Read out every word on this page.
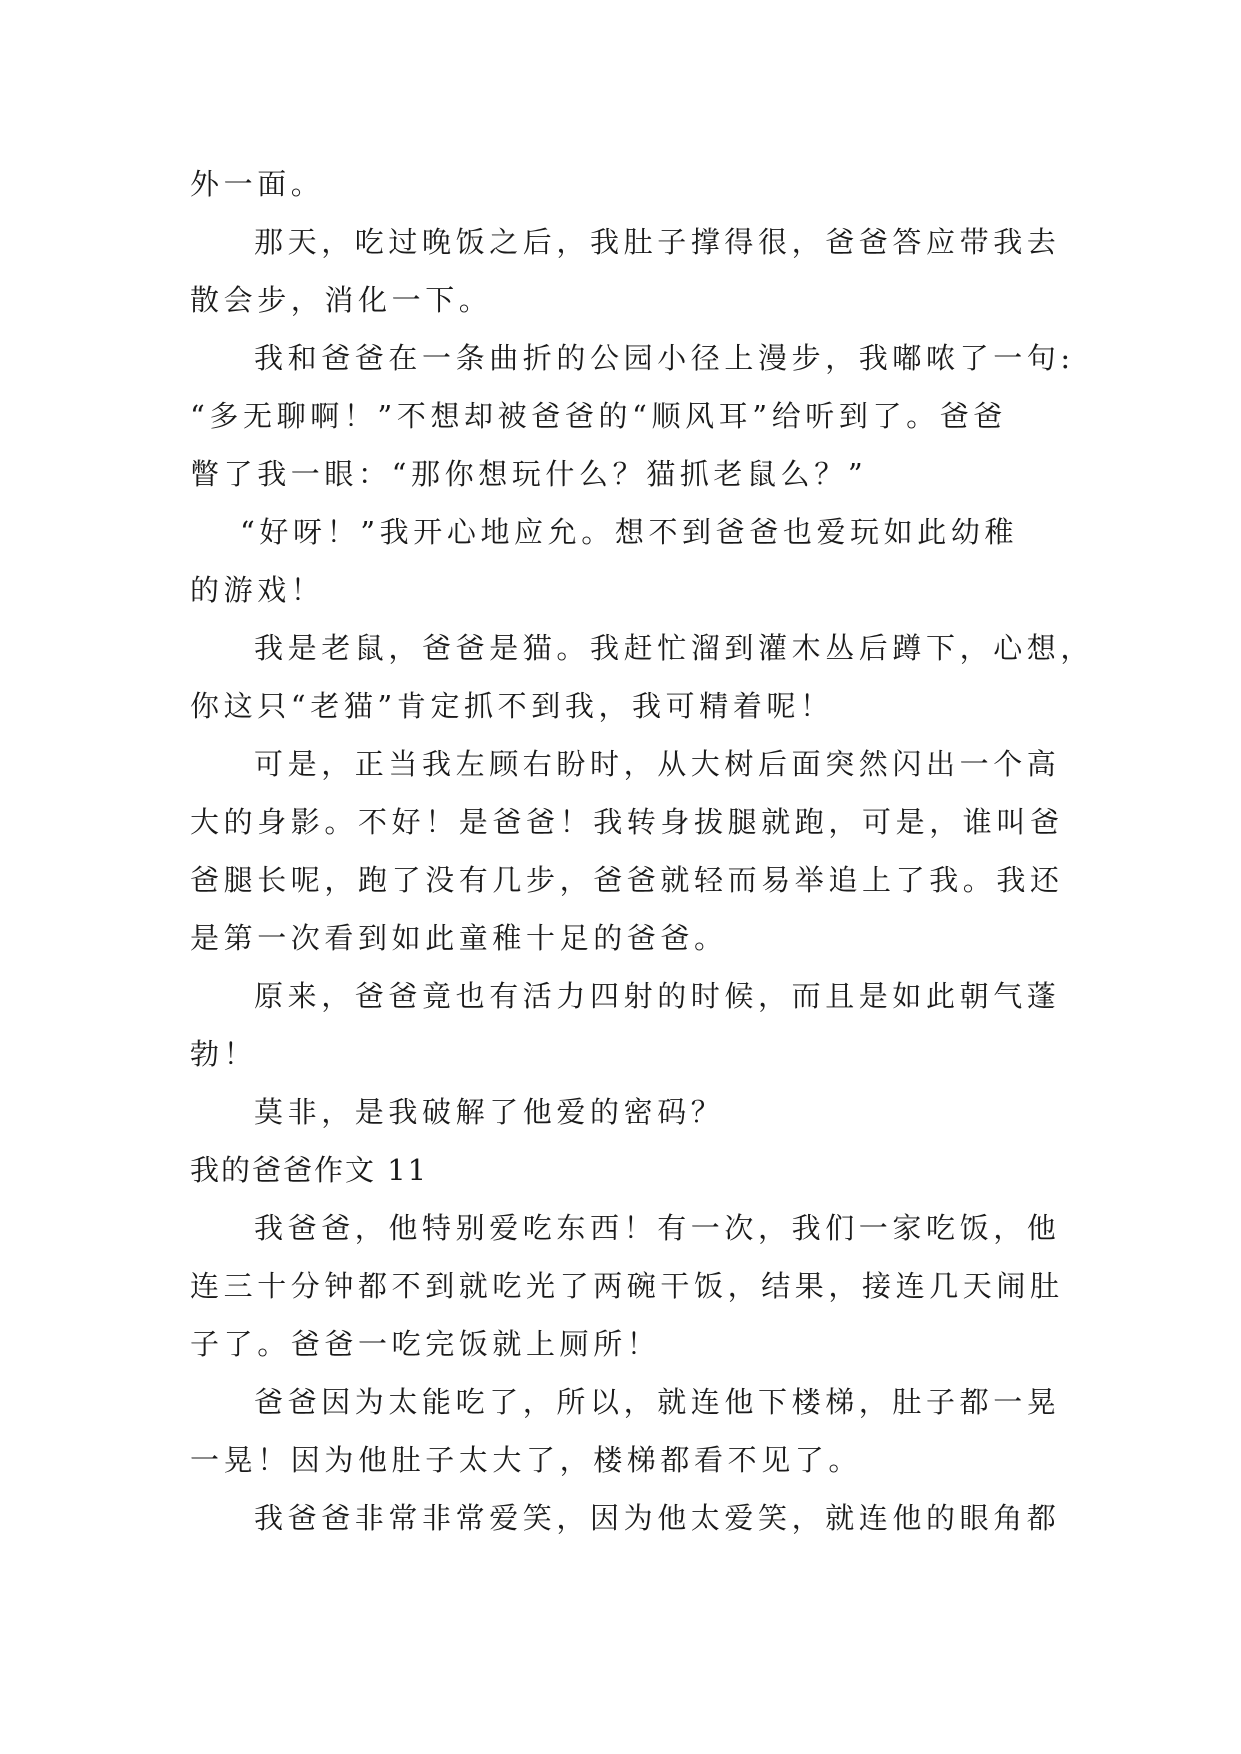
外一面。
那天，吃过晚饭之后，我肚子撑得很，爸爸答应带我去
散会步，消化一下。
我和爸爸在一条曲折的公园小径上漫步，我嘟哝了一句:
“多无聊啊！”不想却被爸爸的“顺风耳”给听到了。爸爸
瞥了我一眼：“那你想玩什么？猫抓老鼠么？”
“好呀！”我开心地应允。想不到爸爸也爱玩如此幼稚
的游戏！
我是老鼠，爸爸是猫。我赶忙溜到灌木丛后蹲下，心想，
你这只“老猫”肯定抓不到我，我可精着呢！
可是，正当我左顾右盼时，从大树后面突然闪出一个高
大的身影。不好！是爸爸！我转身拔腿就跑，可是，谁叫爸
爸腿长呢，跑了没有几步，爸爸就轻而易举追上了我。我还
是第一次看到如此童稚十足的爸爸。
原来，爸爸竟也有活力四射的时候，而且是如此朝气蓬
勃！
莫非，是我破解了他爱的密码？
我的爸爸作文 11
我爸爸，他特别爱吃东西！有一次，我们一家吃饭，他
连三十分钟都不到就吃光了两碗干饭，结果，接连几天闹肚
子了。爸爸一吃完饭就上厕所！
爸爸因为太能吃了，所以，就连他下楼梯，肚子都一晃
一晃！因为他肚子太大了，楼梯都看不见了。
我爸爸非常非常爱笑，因为他太爱笑，就连他的眼角都
